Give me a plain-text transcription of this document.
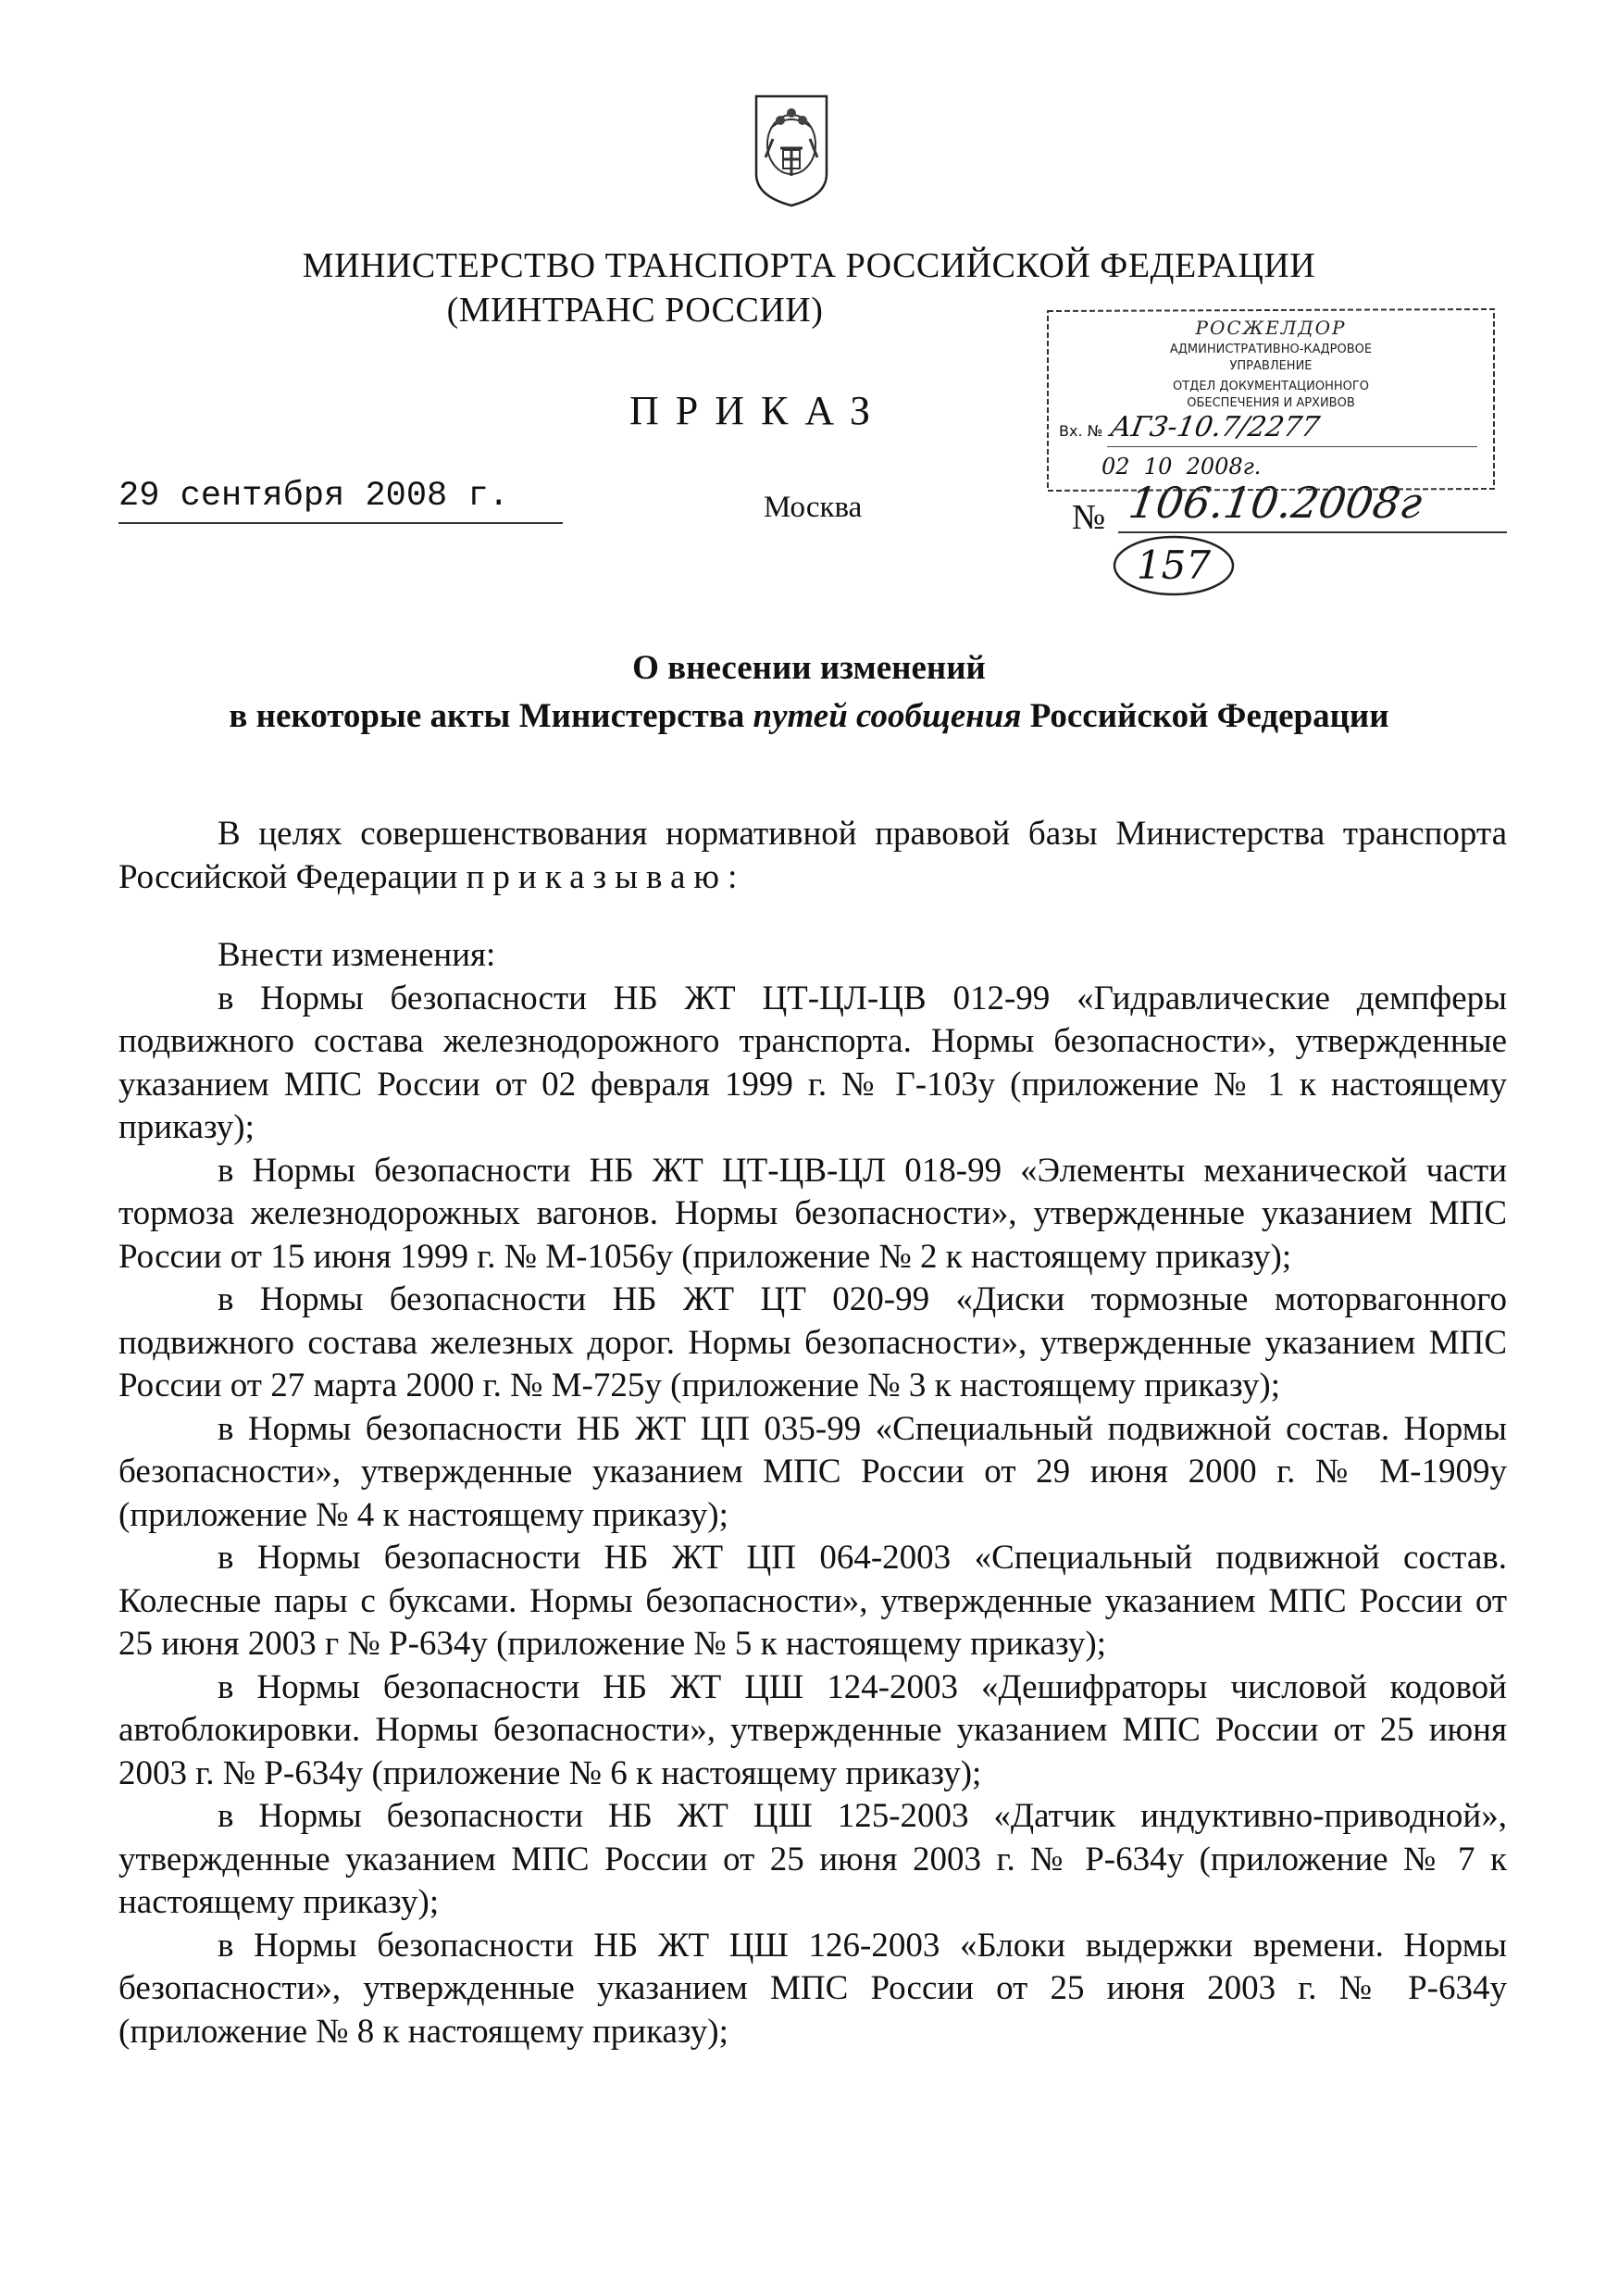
МИНИСТЕРСТВО ТРАНСПОРТА РОССИЙСКОЙ ФЕДЕРАЦИИ
(МИНТРАНС РОССИИ)
ПРИКАЗ
29 сентября 2008 г.	Москва	№ 106.10.2008г
157
РОСЖЕЛДОР
АДМИНИСТРАТИВНО-КАДРОВОЕ
УПРАВЛЕНИЕ
ОТДЕЛ ДОКУМЕНТАЦИОННОГО
ОБЕСПЕЧЕНИЯ И АРХИВОВ
Вх. № АГ3-10.7/2277
02  10  2008г.
О внесении изменений
в некоторые акты Министерства путей сообщения Российской Федерации

В целях совершенствования нормативной правовой базы Министерства транспорта Российской Федерации приказываю:

Внести изменения:

в Нормы безопасности НБ ЖТ ЦТ-ЦЛ-ЦВ 012-99 «Гидравлические демпферы подвижного состава железнодорожного транспорта. Нормы безопасности», утвержденные указанием МПС России от 02 февраля 1999 г. № Г-103у (приложение № 1 к настоящему приказу);

в Нормы безопасности НБ ЖТ ЦТ-ЦВ-ЦЛ 018-99 «Элементы механической части тормоза железнодорожных вагонов. Нормы безопасности», утвержденные указанием МПС России от 15 июня 1999 г. № М-1056у (приложение № 2 к настоящему приказу);

в Нормы безопасности НБ ЖТ ЦТ 020-99 «Диски тормозные моторвагонного подвижного состава железных дорог. Нормы безопасности», утвержденные указанием МПС России от 27 марта 2000 г. № М-725у (приложение № 3 к настоящему приказу);

в Нормы безопасности НБ ЖТ ЦП 035-99 «Специальный подвижной состав. Нормы безопасности», утвержденные указанием МПС России от 29 июня 2000 г. № М-1909у (приложение № 4 к настоящему приказу);

в Нормы безопасности НБ ЖТ ЦП 064-2003 «Специальный подвижной состав. Колесные пары с буксами. Нормы безопасности», утвержденные указанием МПС России от 25 июня 2003 г № Р-634у (приложение № 5 к настоящему приказу);

в Нормы безопасности НБ ЖТ ЦШ 124-2003 «Дешифраторы числовой кодовой автоблокировки. Нормы безопасности», утвержденные указанием МПС России от 25 июня 2003 г. № Р-634у (приложение № 6 к настоящему приказу);

в Нормы безопасности НБ ЖТ ЦШ 125-2003 «Датчик индуктивно-приводной», утвержденные указанием МПС России от 25 июня 2003 г. № Р-634у (приложение № 7 к настоящему приказу);

в Нормы безопасности НБ ЖТ ЦШ 126-2003 «Блоки выдержки времени. Нормы безопасности», утвержденные указанием МПС России от 25 июня 2003 г. № Р-634у (приложение № 8 к настоящему приказу);
